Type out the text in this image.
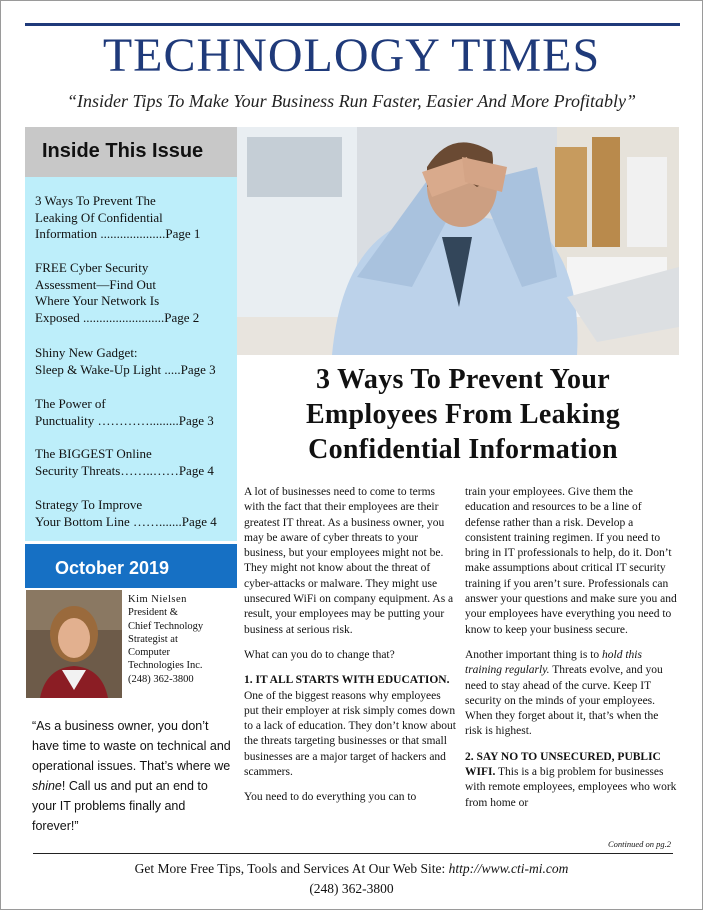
TECHNOLOGY TIMES
“Insider Tips To Make Your Business Run Faster, Easier And More Profitably”
Inside This Issue
3 Ways To Prevent The
Leaking Of Confidential
Information ....................Page 1
FREE Cyber Security
Assessment—Find Out
Where Your Network Is
Exposed .........................Page 2
Shiny New Gadget:
Sleep & Wake-Up Light .....Page 3
The Power of
Punctuality ………….........Page 3
The BIGGEST Online
Security Threats……..……Page 4
Strategy To Improve
Your Bottom Line …….......Page 4
October 2019
Kim Nielsen
President &
Chief Technology
Strategist at
Computer
Technologies Inc.
(248) 362-3800
“As a business owner, you don’t have time to waste on technical and operational issues. That’s where we shine! Call us and put an end to your IT problems finally and forever!”
3 Ways To Prevent Your
Employees From Leaking
Confidential Information

A lot of businesses need to come to terms with the fact that their employees are their greatest IT threat. As a business owner, you may be aware of cyber threats to your business, but your employees might not be. They might not know about the threat of cyber-attacks or malware. They might use unsecured WiFi on company equipment. As a result, your employees may be putting your business at serious risk.

What can you do to change that?

1. IT ALL STARTS WITH EDUCATION. One of the biggest reasons why employees put their employer at risk simply comes down to a lack of education. They don’t know about the threats targeting businesses or that small businesses are a major target of hackers and scammers.

You need to do everything you can to

train your employees. Give them the education and resources to be a line of defense rather than a risk. Develop a consistent training regimen. If you need to bring in IT professionals to help, do it. Don’t make assumptions about critical IT security training if you aren’t sure. Professionals can answer your questions and make sure you and your employees have everything you need to know to keep your business secure.

Another important thing is to hold this training regularly. Threats evolve, and you need to stay ahead of the curve. Keep IT security on the minds of your employees. When they forget about it, that’s when the risk is highest.

2. SAY NO TO UNSECURED, PUBLIC WIFI. This is a big problem for businesses with remote employees, employees who work from home or

Continued on pg.2
Get More Free Tips, Tools and Services At Our Web Site: http://www.cti-mi.com
(248) 362-3800
